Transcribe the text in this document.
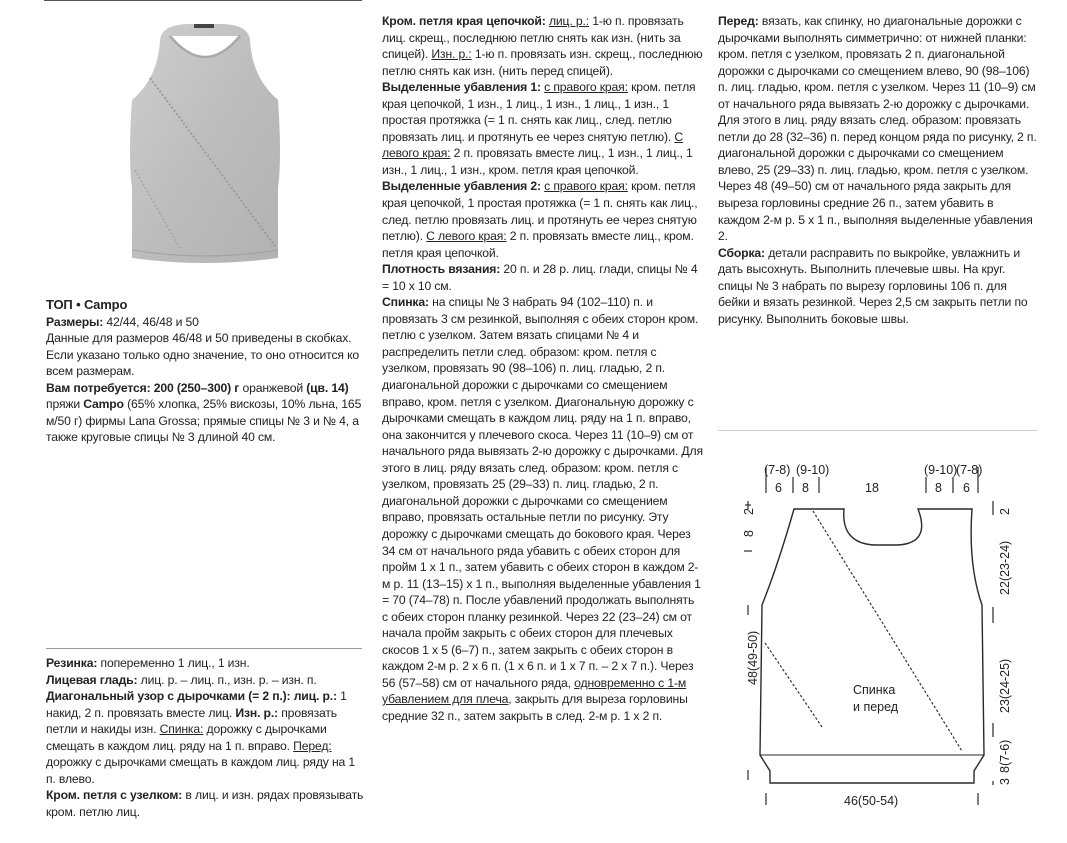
ТОП • Campo

Размеры: 42/44, 46/48 и 50

Данные для размеров 46/48 и 50 приведены в скобках. Если указано только одно значение, то оно относится ко всем размерам.

Вам потребуется: 200 (250–300) г оранжевой (цв. 14) пряжи Campo (65% хлопка, 25% вискозы, 10% льна, 165 м/50 г) фирмы Lana Grossa; прямые спицы № 3 и № 4, а также круговые спицы № 3 длиной 40 см.

Резинка: попеременно 1 лиц., 1 изн.

Лицевая гладь: лиц. р. – лиц. п., изн. р. – изн. п.

Диагональный узор с дырочками (= 2 п.): лиц. р.: 1 накид, 2 п. провязать вместе лиц. Изн. р.: провязать петли и накиды изн. Спинка: дорожку с дырочками смещать в каждом лиц. ряду на 1 п. вправо. Перед: дорожку с дырочками смещать в каждом лиц. ряду на 1 п. влево.

Кром. петля с узелком: в лиц. и изн. рядах провязывать кром. петлю лиц.

Кром. петля края цепочкой: лиц. р.: 1-ю п. провязать лиц. скрещ., последнюю петлю снять как изн. (нить за спицей). Изн. р.: 1-ю п. провязать изн. скрещ., последнюю петлю снять как изн. (нить перед спицей).

Выделенные убавления 1: с правого края: кром. петля края цепочкой, 1 изн., 1 лиц., 1 изн., 1 лиц., 1 изн., 1 простая протяжка (= 1 п. снять как лиц., след. петлю провязать лиц. и протянуть ее через снятую петлю). С левого края: 2 п. провязать вместе лиц., 1 изн., 1 лиц., 1 изн., 1 лиц., 1 изн., кром. петля края цепочкой.

Выделенные убавления 2: с правого края: кром. петля края цепочкой, 1 простая протяжка (= 1 п. снять как лиц., след. петлю провязать лиц. и протянуть ее через снятую петлю). С левого края: 2 п. провязать вместе лиц., кром. петля края цепочкой.

Плотность вязания: 20 п. и 28 р. лиц. глади, спицы № 4 = 10 x 10 см.

Спинка: на спицы № 3 набрать 94 (102–110) п. и провязать 3 см резинкой, выполняя с обеих сторон кром. петлю с узелком. Затем вязать спицами № 4 и распределить петли след. образом: кром. петля с узелком, провязать 90 (98–106) п. лиц. гладью, 2 п. диагональной дорожки с дырочками со смещением вправо, кром. петля с узелком. Диагональную дорожку с дырочками смещать в каждом лиц. ряду на 1 п. вправо, она закончится у плечевого скоса. Через 11 (10–9) см от начального ряда вывязать 2-ю дорожку с дырочками. Для этого в лиц. ряду вязать след. образом: кром. петля с узелком, провязать 25 (29–33) п. лиц. гладью, 2 п. диагональной дорожки с дырочками со смещением вправо, провязать остальные петли по рисунку. Эту дорожку с дырочками смещать до бокового края. Через 34 см от начального ряда убавить с обеих сторон для пройм 1 x 1 п., затем убавить с обеих сторон в каждом 2-м р. 11 (13–15) x 1 п., выполняя выделенные убавления 1 = 70 (74–78) п. После убавлений продолжать выполнять с обеих сторон планку резинкой. Через 22 (23–24) см от начала пройм закрыть с обеих сторон для плечевых скосов 1 x 5 (6–7) п., затем закрыть с обеих сторон в каждом 2-м р. 2 x 6 п. (1 x 6 п. и 1 x 7 п. – 2 x 7 п.). Через 56 (57–58) см от начального ряда, одновременно с 1-м убавлением для плеча, закрыть для выреза горловины средние 32 п., затем закрыть в след. 2-м р. 1 x 2 п.

Перед: вязать, как спинку, но диагональные дорожки с дырочками выполнять симметрично: от нижней планки: кром. петля с узелком, провязать 2 п. диагональной дорожки с дырочками со смещением влево, 90 (98–106) п. лиц. гладью, кром. петля с узелком. Через 11 (10–9) см от начального ряда вывязать 2-ю дорожку с дырочками. Для этого в лиц. ряду вязать след. образом: провязать петли до 28 (32–36) п. перед концом ряда по рисунку, 2 п. диагональной дорожки с дырочками со смещением влево, 25 (29–33) п. лиц. гладью, кром. петля с узелком. Через 48 (49–50) см от начального ряда закрыть для выреза горловины средние 26 п., затем убавить в каждом 2-м р. 5 x 1 п., выполняя выделенные убавления 2.

Сборка: детали расправить по выкройке, увлажнить и дать высохнуть. Выполнить плечевые швы. На круг. спицы № 3 набрать по вырезу горловины 106 п. для бейки и вязать резинкой. Через 2,5 см закрыть петли по рисунку. Выполнить боковые швы.

(7-8) (9-10)	(9-10)
(7-8)
6 8	18	8 6
Спинка
и перед
46(50-54)
2
8
48(49-50)
2
22(23-24)
23(24-25)
8(7-6)
3
